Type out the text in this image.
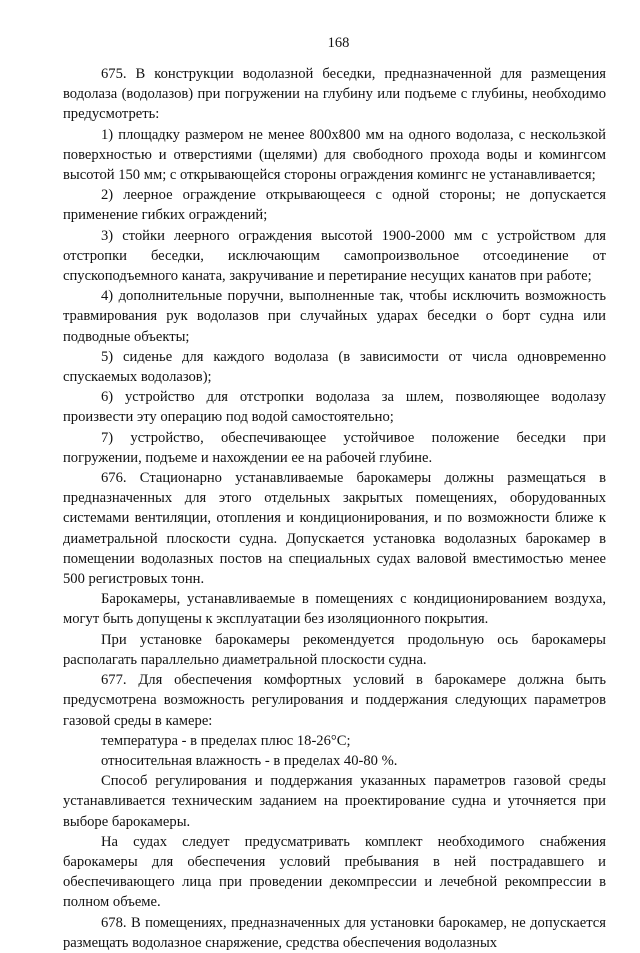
168

675. В конструкции водолазной беседки, предназначенной для размещения водолаза (водолазов) при погружении на глубину или подъеме с глубины, необходимо предусмотреть:

1) площадку размером не менее 800х800 мм на одного водолаза, с нескользкой поверхностью и отверстиями (щелями) для свободного прохода воды и комингсом высотой 150 мм; с открывающейся стороны ограждения комингс не устанавливается;

2) леерное ограждение открывающееся с одной стороны; не допускается применение гибких ограждений;

3) стойки леерного ограждения высотой 1900-2000 мм с устройством для отстропки беседки, исключающим самопроизвольное отсоединение от спускоподъемного каната, закручивание и перетирание несущих канатов при работе;

4) дополнительные поручни, выполненные так, чтобы исключить возможность травмирования рук водолазов при случайных ударах беседки о борт судна или подводные объекты;

5) сиденье для каждого водолаза (в зависимости от числа одновременно спускаемых водолазов);

6) устройство для отстропки водолаза за шлем, позволяющее водолазу произвести эту операцию под водой самостоятельно;

7) устройство, обеспечивающее устойчивое положение беседки при погружении, подъеме и нахождении ее на рабочей глубине.

676. Стационарно устанавливаемые барокамеры должны размещаться в предназначенных для этого отдельных закрытых помещениях, оборудованных системами вентиляции, отопления и кондиционирования, и по возможности ближе к диаметральной плоскости судна. Допускается установка водолазных барокамер в помещении водолазных постов на специальных судах валовой вместимостью менее 500 регистровых тонн.

Барокамеры, устанавливаемые в помещениях с кондиционированием воздуха, могут быть допущены к эксплуатации без изоляционного покрытия.

При установке барокамеры рекомендуется продольную ось барокамеры располагать параллельно диаметральной плоскости судна.

677. Для обеспечения комфортных условий в барокамере должна быть предусмотрена возможность регулирования и поддержания следующих параметров газовой среды в камере:

температура - в пределах плюс 18-26°С;

относительная влажность - в пределах 40-80 %.

Способ регулирования и поддержания указанных параметров газовой среды устанавливается техническим заданием на проектирование судна и уточняется при выборе барокамеры.

На судах следует предусматривать комплект необходимого снабжения барокамеры для обеспечения условий пребывания в ней пострадавшего и обеспечивающего лица при проведении декомпрессии и лечебной рекомпрессии в полном объеме.

678. В помещениях, предназначенных для установки барокамер, не допускается размещать водолазное снаряжение, средства обеспечения водолазных
